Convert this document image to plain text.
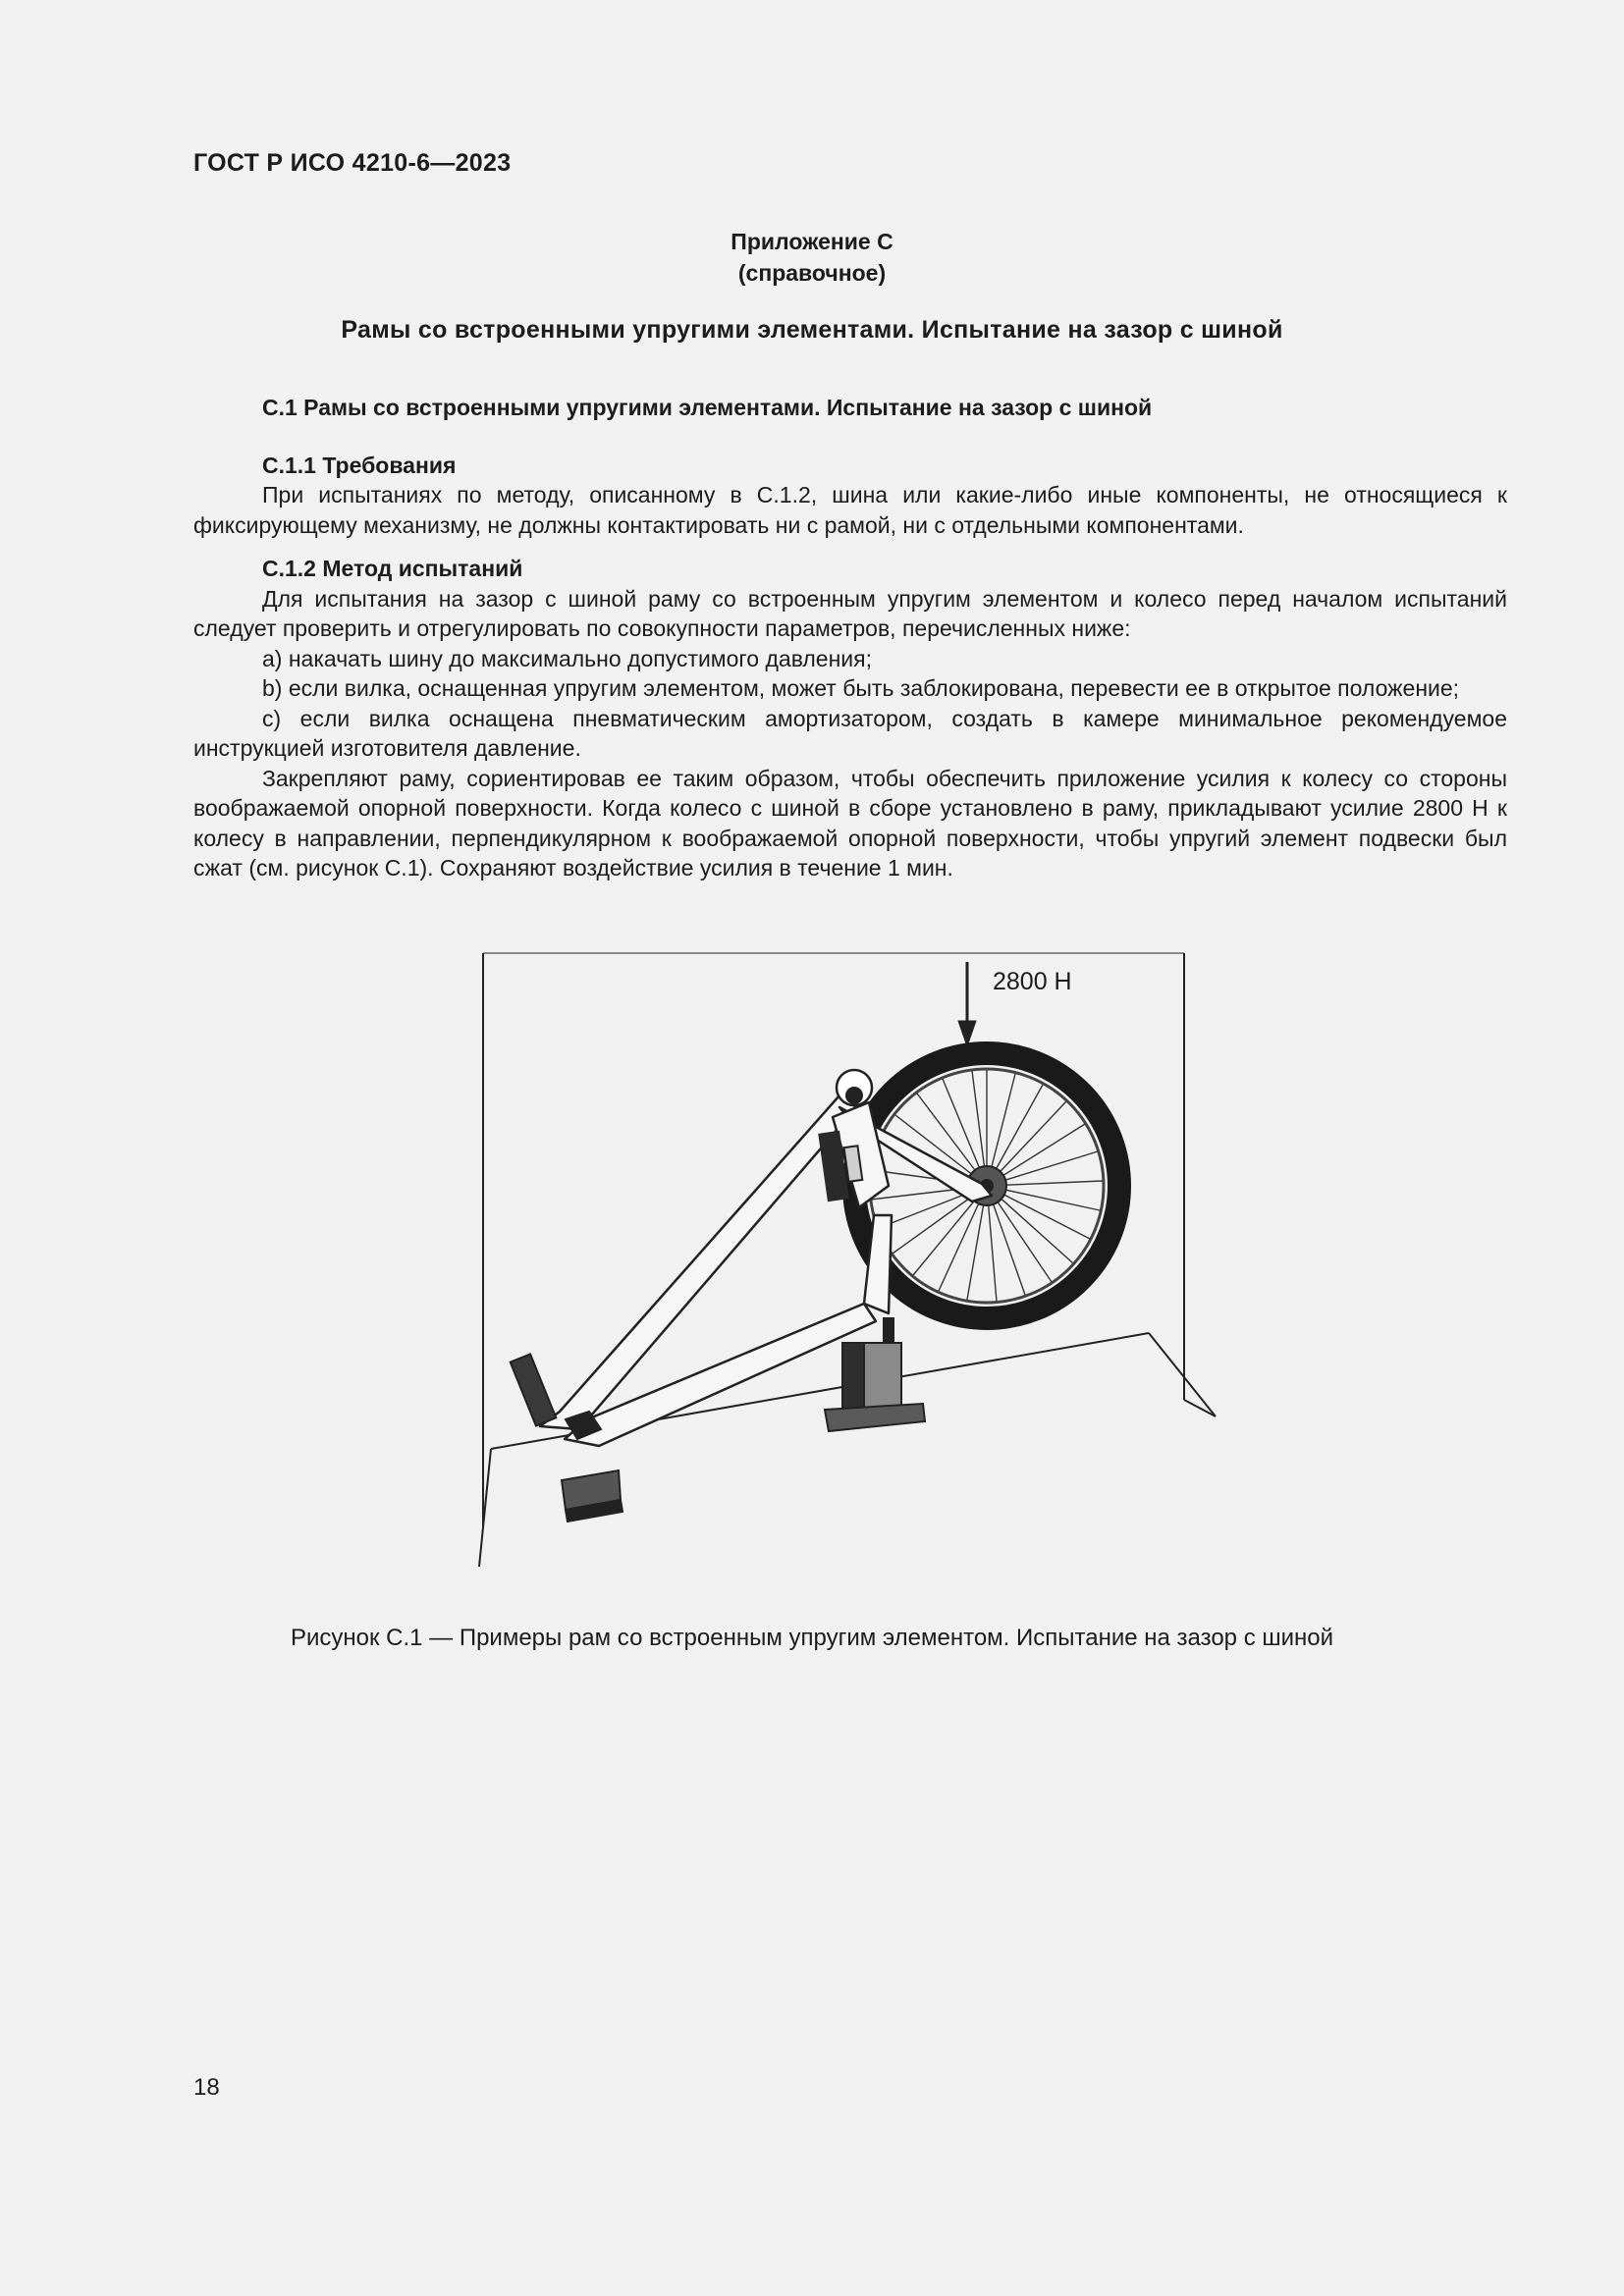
ГОСТ Р ИСО 4210-6—2023
Приложение С
(справочное)
Рамы со встроенными упругими элементами. Испытание на зазор с шиной

С.1 Рамы со встроенными упругими элементами. Испытание на зазор с шиной

С.1.1 Требования

При испытаниях по методу, описанному в С.1.2, шина или какие-либо иные компоненты, не относящиеся к фиксирующему механизму, не должны контактировать ни с рамой, ни с отдельными компонентами.

С.1.2 Метод испытаний

Для испытания на зазор с шиной раму со встроенным упругим элементом и колесо перед началом испытаний следует проверить и отрегулировать по совокупности параметров, перечисленных ниже:

а) накачать шину до максимально допустимого давления;

b) если вилка, оснащенная упругим элементом, может быть заблокирована, перевести ее в открытое положение;

с) если вилка оснащена пневматическим амортизатором, создать в камере минимальное рекомендуемое инструкцией изготовителя давление.

Закрепляют раму, сориентировав ее таким образом, чтобы обеспечить приложение усилия к колесу со стороны воображаемой опорной поверхности. Когда колесо с шиной в сборе установлено в раму, прикладывают усилие 2800 Н к колесу в направлении, перпендикулярном к воображаемой опорной поверхности, чтобы упругий элемент подвески был сжат (см. рисунок С.1). Сохраняют воздействие усилия в течение 1 мин.

2800 Н
Рисунок С.1 — Примеры рам со встроенным упругим элементом. Испытание на зазор с шиной
18
